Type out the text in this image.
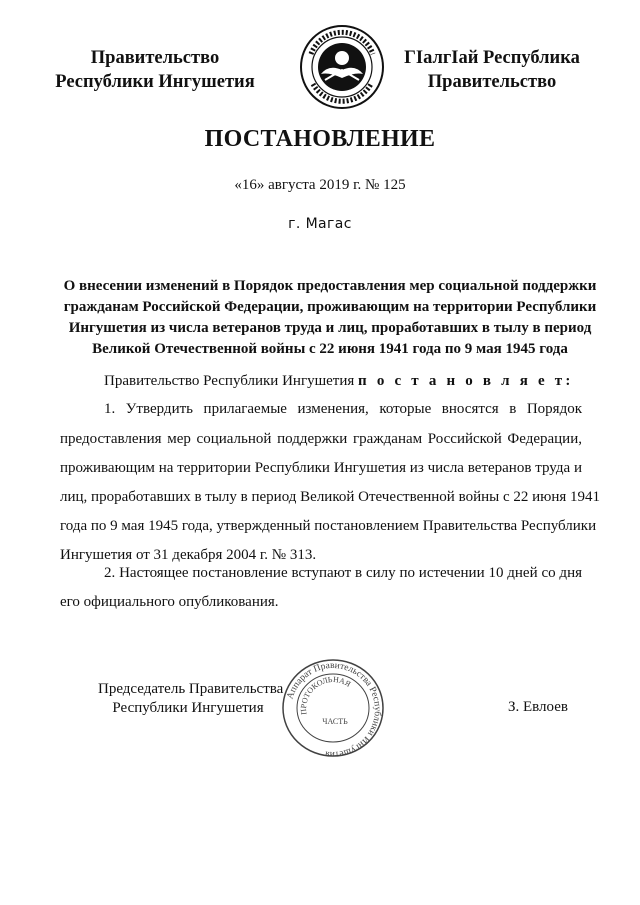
Правительство
Республики Ингушетия
ГIалгIай Республика
Правительство
ПОСТАНОВЛЕНИЕ
«16» августа 2019 г. № 125
г. Магас
О внесении изменений в Порядок предоставления мер социальной поддержки
гражданам Российской Федерации, проживающим на территории Республики
Ингушетия из числа ветеранов труда и лиц, проработавших в тылу в период
Великой Отечественной войны с 22 июня 1941 года по 9 мая 1945 года
Правительство Республики Ингушетия п о с т а н о в л я е т:
1. Утвердить прилагаемые изменения, которые вносятся в Порядок
предоставления мер социальной поддержки гражданам Российской Федерации,
проживающим на территории Республики Ингушетия из числа ветеранов труда и
лиц, проработавших в тылу в период Великой Отечественной войны с 22 июня 1941
года по 9 мая 1945 года, утвержденный постановлением Правительства Республики
Ингушетия от 31 декабря 2004 г. № 313.
2. Настоящее постановление вступают в силу по истечении 10 дней со дня
его официального опубликования.
Председатель Правительства
Республики Ингушетия
Аппарат Правительства Республики Ингушетия
ПРОТОКОЛЬНАЯ
ЧАСТЬ
З. Евлоев
